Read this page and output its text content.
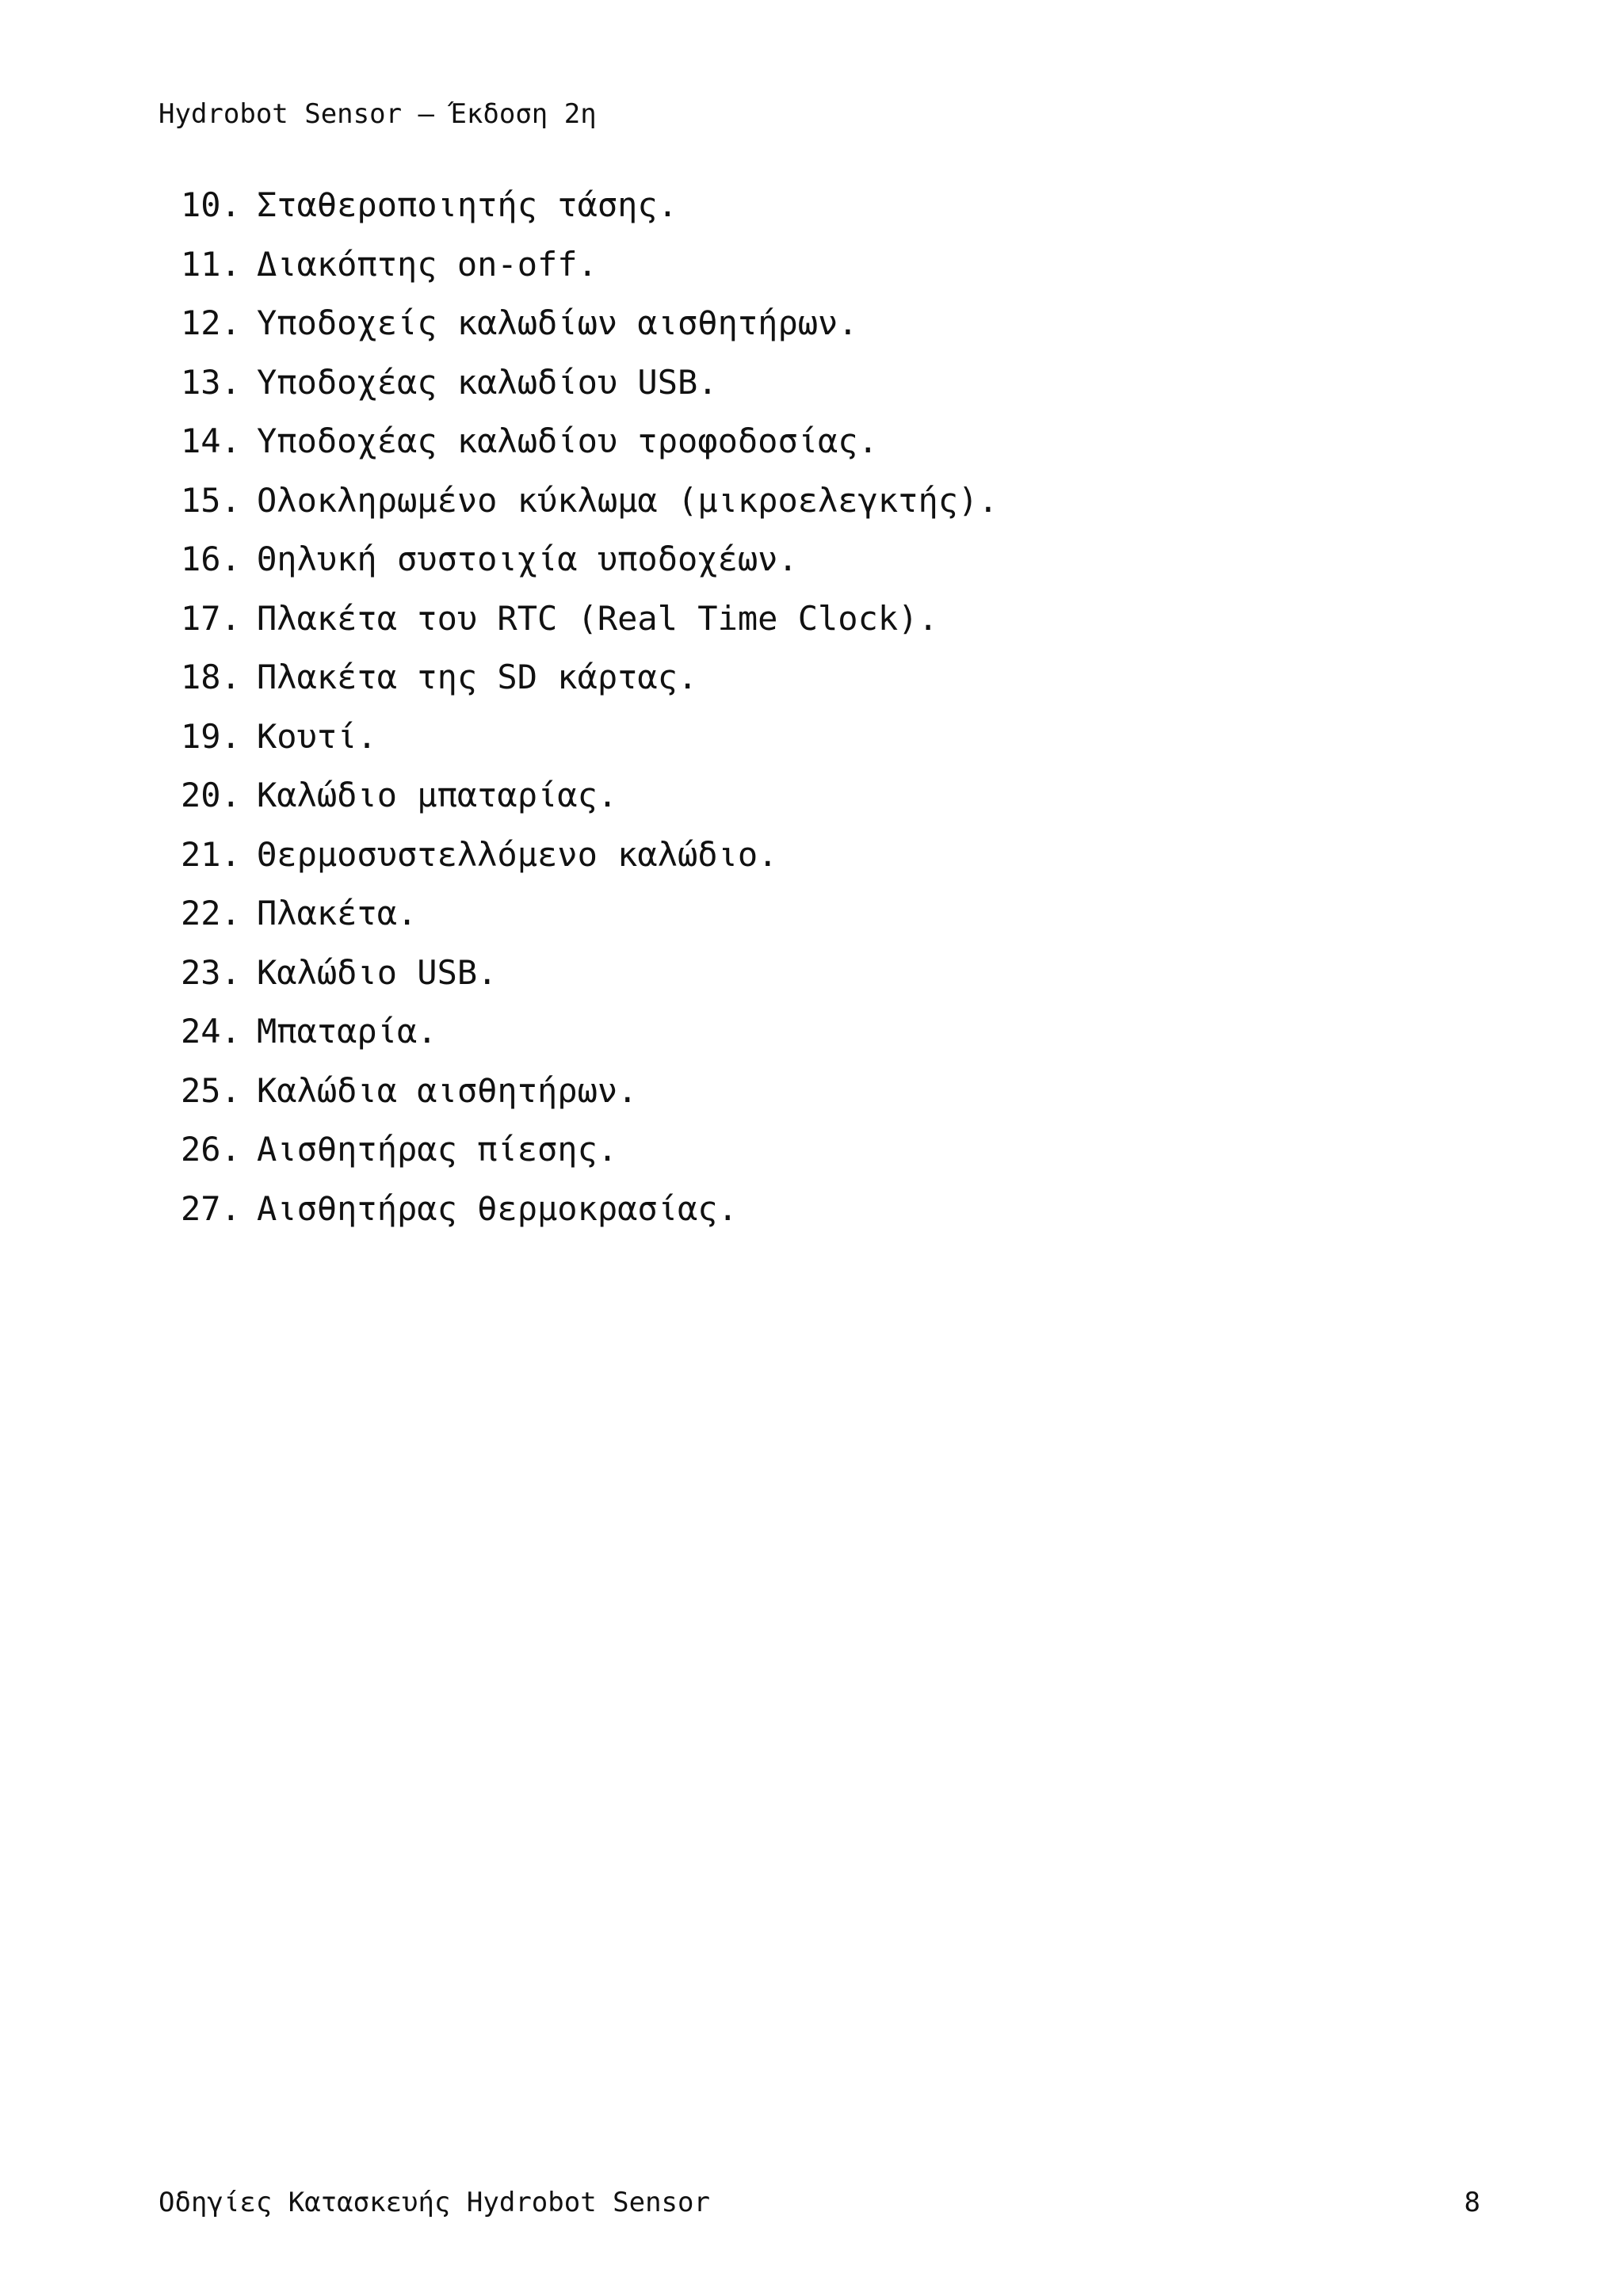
Hydrobot Sensor – Έκδοση 2η
10. Σταθεροποιητής τάσης.
11. Διακόπτης on-off.
12. Υποδοχείς καλωδίων αισθητήρων.
13. Υποδοχέας καλωδίου USB.
14. Υποδοχέας καλωδίου τροφοδοσίας.
15. Ολοκληρωμένο κύκλωμα (μικροελεγκτής).
16. Θηλυκή συστοιχία υποδοχέων.
17. Πλακέτα του RTC (Real Time Clock).
18. Πλακέτα της SD κάρτας.
19. Κουτί.
20. Καλώδιο μπαταρίας.
21. Θερμοσυστελλόμενο καλώδιο.
22. Πλακέτα.
23. Καλώδιο USB.
24. Μπαταρία.
25. Καλώδια αισθητήρων.
26. Αισθητήρας πίεσης.
27. Αισθητήρας θερμοκρασίας.
Οδηγίες Κατασκευής Hydrobot Sensor	8
